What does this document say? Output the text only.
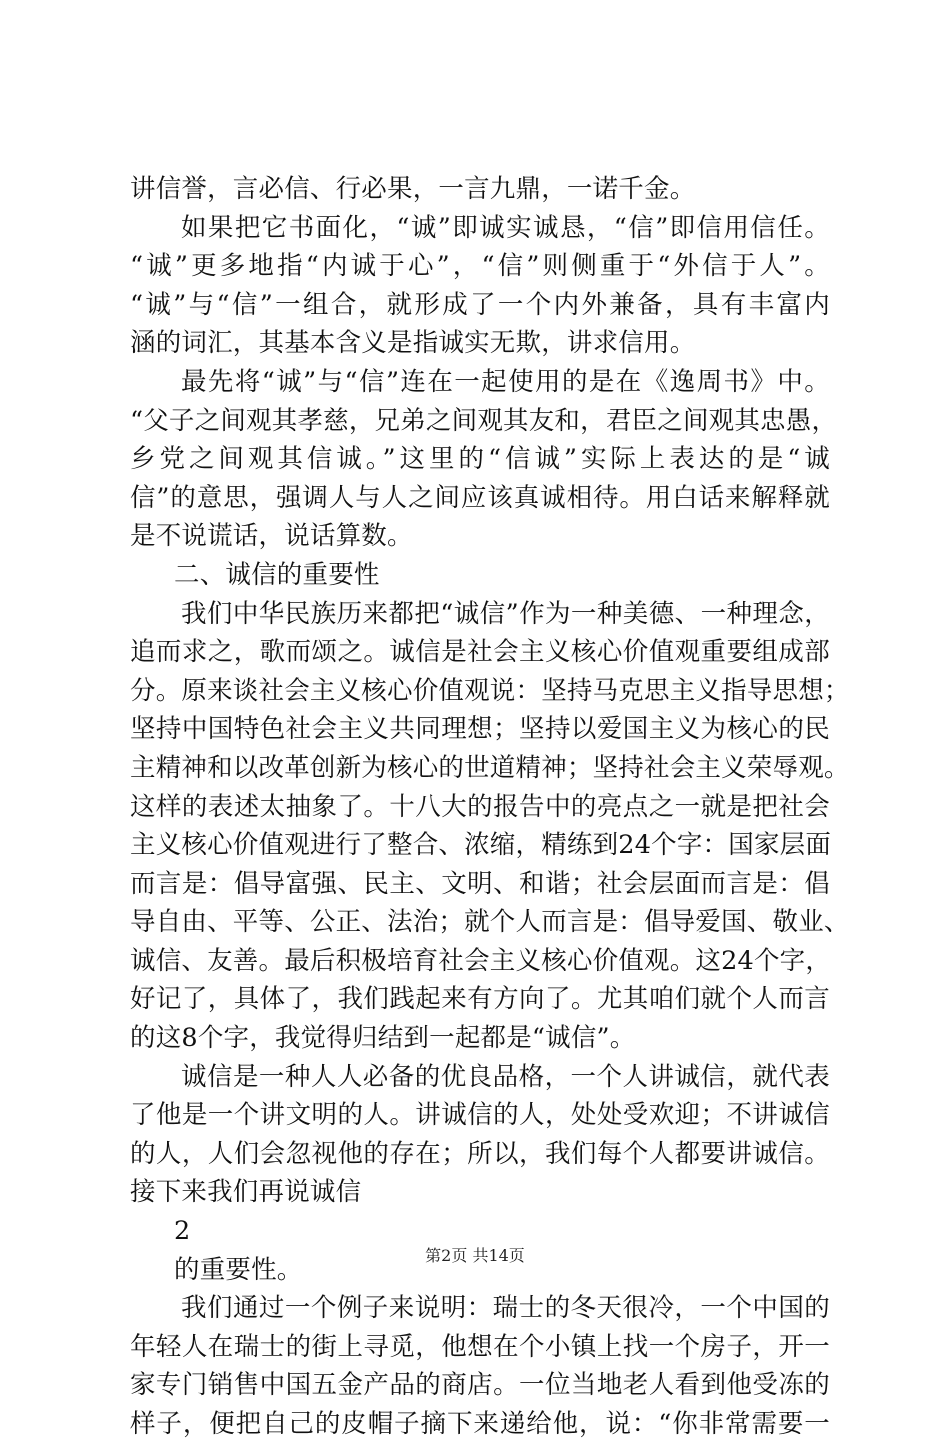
讲信誉，言必信、行必果，一言九鼎，一诺千金。
如果把它书面化，“诚”即诚实诚恳，“信”即信用信任。
“诚”更多地指“内诚于心”，“信”则侧重于“外信于人”。
“诚”与“信”一组合，就形成了一个内外兼备，具有丰富内
涵的词汇，其基本含义是指诚实无欺，讲求信用。
最先将“诚”与“信”连在一起使用的是在《逸周书》中。
“父子之间观其孝慈，兄弟之间观其友和，君臣之间观其忠愚，
乡党之间观其信诚。”这里的“信诚”实际上表达的是“诚
信”的意思，强调人与人之间应该真诚相待。用白话来解释就
是不说谎话，说话算数。
二、诚信的重要性
我们中华民族历来都把“诚信”作为一种美德、一种理念，
追而求之，歌而颂之。诚信是社会主义核心价值观重要组成部
分。原来谈社会主义核心价值观说：坚持马克思主义指导思想；
坚持中国特色社会主义共同理想；坚持以爱国主义为核心的民
主精神和以改革创新为核心的世道精神；坚持社会主义荣辱观。
这样的表述太抽象了。十八大的报告中的亮点之一就是把社会
主义核心价值观进行了整合、浓缩，精练到24个字：国家层面
而言是：倡导富强、民主、文明、和谐；社会层面而言是：倡
导自由、平等、公正、法治；就个人而言是：倡导爱国、敬业、
诚信、友善。最后积极培育社会主义核心价值观。这24个字，
好记了，具体了，我们践起来有方向了。尤其咱们就个人而言
的这8个字，我觉得归结到一起都是“诚信”。
诚信是一种人人必备的优良品格，一个人讲诚信，就代表
了他是一个讲文明的人。讲诚信的人，处处受欢迎；不讲诚信
的人，人们会忽视他的存在；所以，我们每个人都要讲诚信。
接下来我们再说诚信
2
的重要性。
我们通过一个例子来说明：瑞士的冬天很冷，一个中国的
年轻人在瑞士的街上寻觅，他想在个小镇上找一个房子，开一
家专门销售中国五金产品的商店。一位当地老人看到他受冻的
样子，便把自己的皮帽子摘下来递给他，说：“你非常需要一
第2页 共14页
